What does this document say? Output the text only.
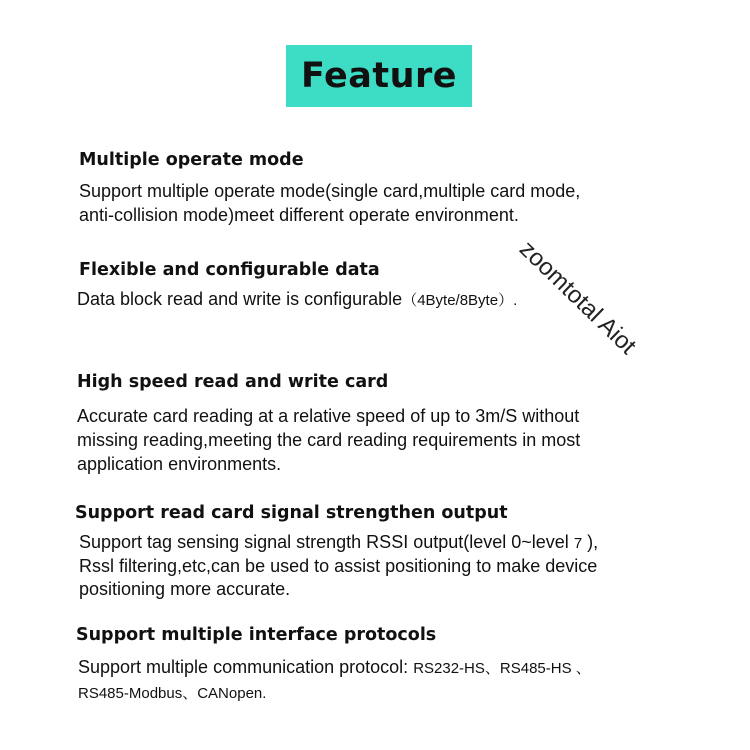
Feature
zoomtotal Aiot
Multiple operate mode

Support multiple operate mode(single card,multiple card mode,

anti-collision mode)meet different operate environment.

Flexible and configurable data

Data block read and write is configurable（4Byte/8Byte）.

High speed read and write card

Accurate card reading at a relative speed of up to 3m/S without

missing reading,meeting the card reading requirements in most

application environments.

Support read card signal strengthen output

Support tag sensing signal strength RSSI output(level 0~level 7 ),

Rssl filtering,etc,can be used to assist positioning to make device

positioning more accurate.

Support multiple interface protocols

Support multiple communication protocol: RS232-HS、RS485-HS 、

RS485-Modbus、CANopen.
